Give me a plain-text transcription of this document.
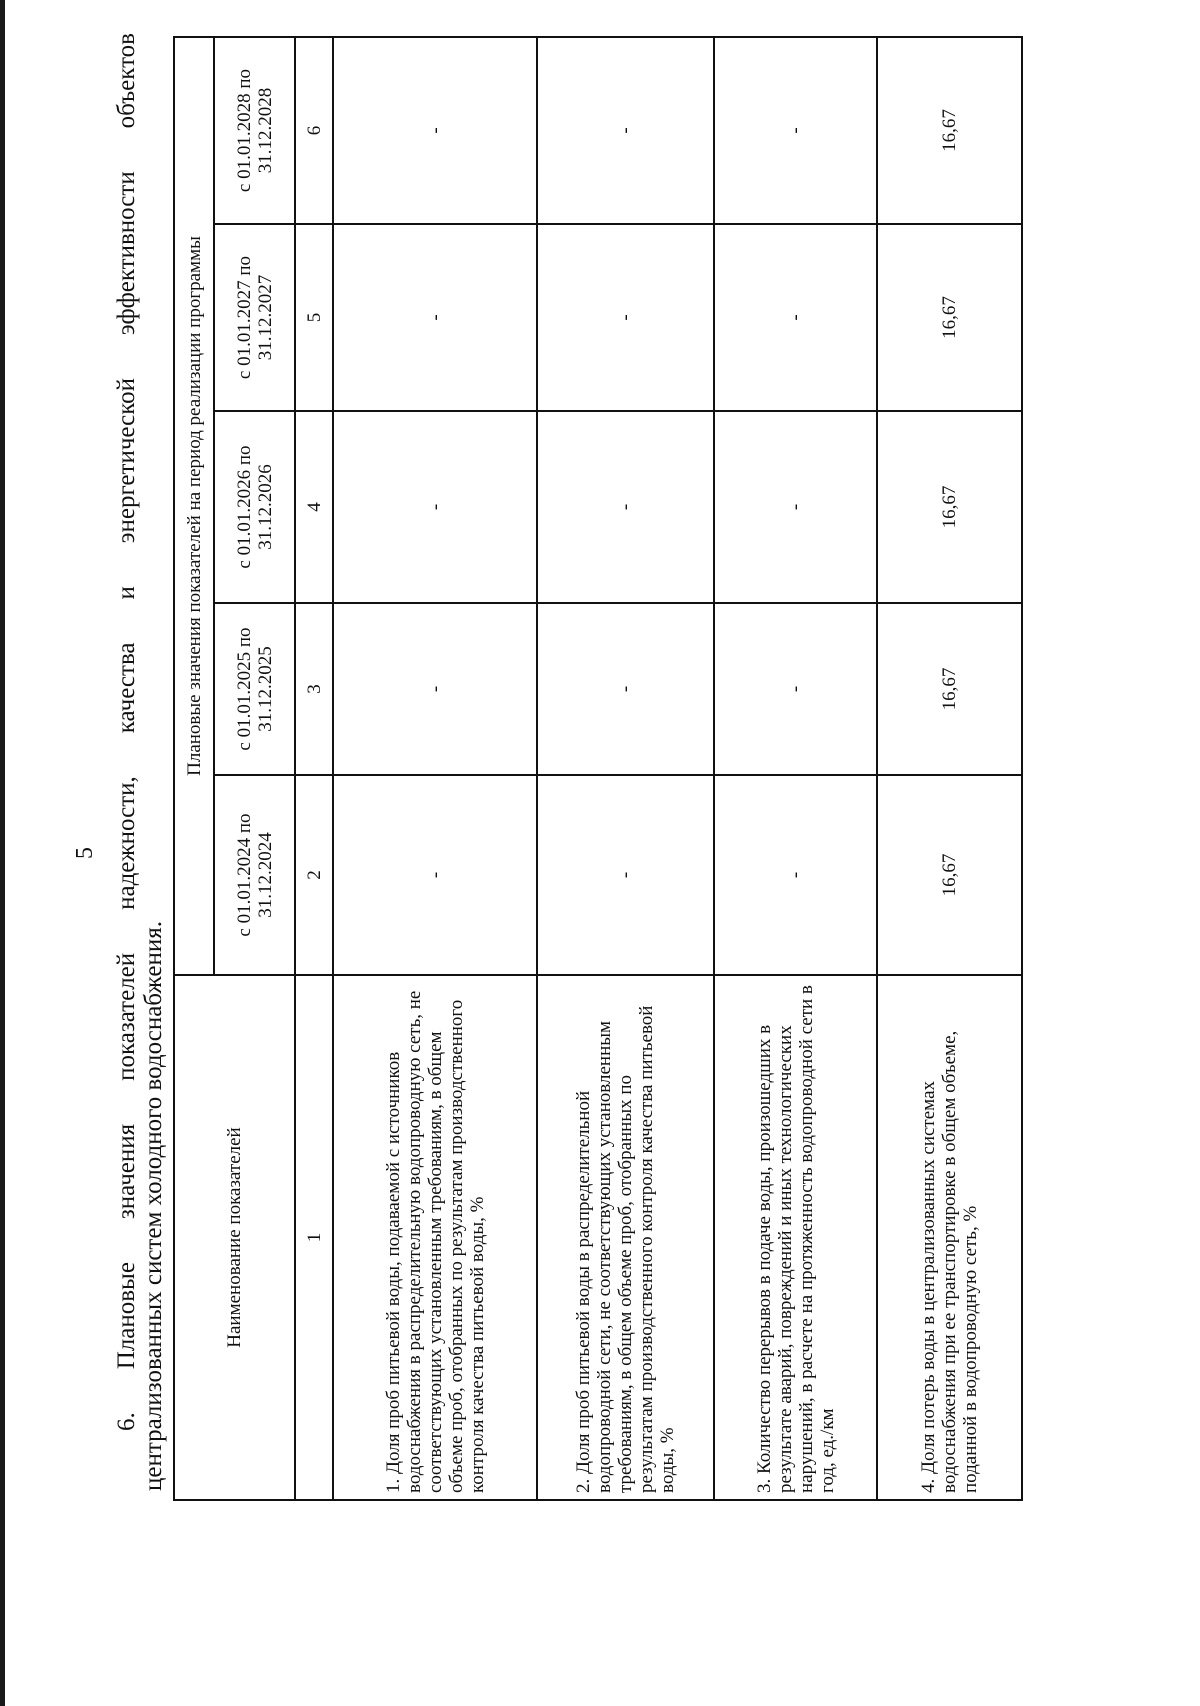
5 6. Плановые значения показателей надежности, качества и энергетической эффективности объектов централизованных систем холодного водоснабжения.	Наименование показателей	Плановые значения показателей на период реализации программы				
	с 01.01.2024 по 31.12.2024	с 01.01.2025 по 31.12.2025	с 01.01.2026 по 31.12.2026	с 01.01.2027 по 31.12.2027	с 01.01.2028 по 31.12.2028
1	2	3	4	5	6
1. Доля проб питьевой воды, подаваемой с источников водоснабжения в распределительную водопроводную сеть, не соответствующих установленным требованиям, в общем объеме проб, отобранных по результатам производственного контроля качества питьевой воды, %	-	-	-	-	-
2. Доля проб питьевой воды в распределительной водопроводной сети, не соответствующих установленным требованиям, в общем объеме проб, отобранных по результатам производственного контроля качества питьевой воды, %	-	-	-	-	-
3. Количество перерывов в подаче воды, произошедших в результате аварий, повреждений и иных технологических нарушений, в расчете на протяженность водопроводной сети в год, ед./км	-	-	-	-	-
4. Доля потерь воды в централизованных системах водоснабжения при ее транспортировке в общем объеме, поданной в водопроводную сеть, %	16,67	16,67	16,67	16,67	16,67
